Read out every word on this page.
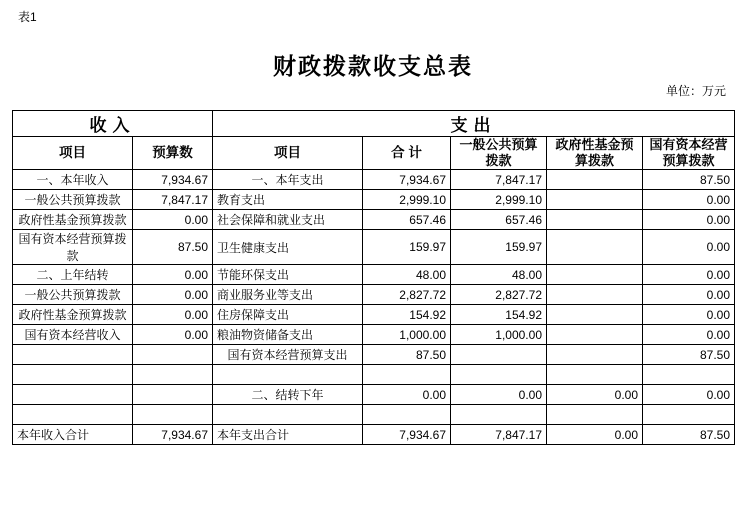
表1
财政拨款收支总表
单位：万元
收入		支出				
项目	预算数	项目	合 计	一般公共预算拨款	政府性基金预算拨款	国有资本经营预算拨款
一、本年收入	7,934.67	一、本年支出	7,934.67	7,847.17		87.50
一般公共预算拨款	7,847.17	教育支出	2,999.10	2,999.10		0.00
政府性基金预算拨款	0.00	社会保障和就业支出	657.46	657.46		0.00
国有资本经营预算拨款	87.50	卫生健康支出	159.97	159.97		0.00
二、上年结转	0.00	节能环保支出	48.00	48.00		0.00
一般公共预算拨款	0.00	商业服务业等支出	2,827.72	2,827.72		0.00
政府性基金预算拨款	0.00	住房保障支出	154.92	154.92		0.00
国有资本经营收入	0.00	粮油物资储备支出	1,000.00	1,000.00		0.00
		国有资本经营预算支出	87.50			87.50

		二、结转下年	0.00	0.00	0.00	0.00

本年收入合计	7,934.67	本年支出合计	7,934.67	7,847.17	0.00	87.50
